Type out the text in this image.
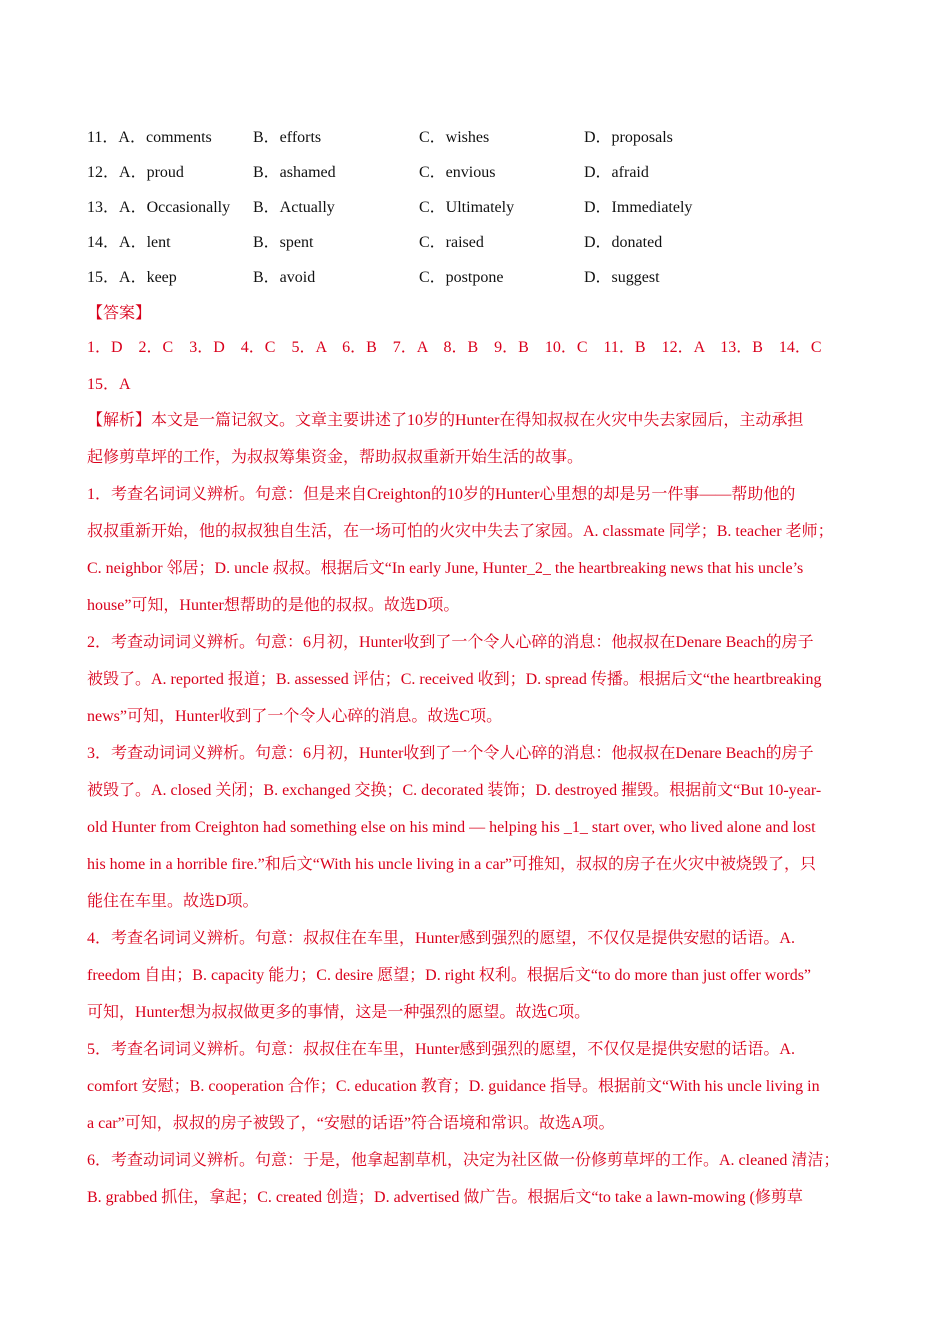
11．A．comments	B．efforts	C．wishes	D．proposals
12．A．proud	B．ashamed	C．envious	D．afraid
13．A．Occasionally B．Actually	C．Ultimately	D．Immediately
14．A．lent	B．spent	C．raised	D．donated
15．A．keep	B．avoid	C．postpone	D．suggest
【答案】
1．D　2．C　3．D　4．C　5．A　6．B　7．A　8．B　9．B　10．C　11．B　12．A　13．B　14．C
15．A
【解析】本文是一篇记叙文。文章主要讲述了10岁的Hunter在得知叔叔在火灾中失去家园后，主动承担
起修剪草坪的工作，为叔叔筹集资金，帮助叔叔重新开始生活的故事。
1．考查名词词义辨析。句意：但是来自Creighton的10岁的Hunter心里想的却是另一件事——帮助他的
叔叔重新开始，他的叔叔独自生活，在一场可怕的火灾中失去了家园。A. classmate 同学；B. teacher 老师；
C. neighbor 邻居；D. uncle 叔叔。根据后文“In early June, Hunter_2_ the heartbreaking news that his uncle’s
house”可知，Hunter想帮助的是他的叔叔。故选D项。
2．考查动词词义辨析。句意：6月初，Hunter收到了一个令人心碎的消息：他叔叔在Denare Beach的房子
被毁了。A. reported 报道；B. assessed 评估；C. received 收到；D. spread 传播。根据后文“the heartbreaking
news”可知，Hunter收到了一个令人心碎的消息。故选C项。
3．考查动词词义辨析。句意：6月初，Hunter收到了一个令人心碎的消息：他叔叔在Denare Beach的房子
被毁了。A. closed 关闭；B. exchanged 交换；C. decorated 装饰；D. destroyed 摧毁。根据前文“But 10-year-
old Hunter from Creighton had something else on his mind — helping his _1_ start over, who lived alone and lost
his home in a horrible fire.”和后文“With his uncle living in a car”可推知，叔叔的房子在火灾中被烧毁了，只
能住在车里。故选D项。
4．考查名词词义辨析。句意：叔叔住在车里，Hunter感到强烈的愿望，不仅仅是提供安慰的话语。A.
freedom 自由；B. capacity 能力；C. desire 愿望；D. right 权利。根据后文“to do more than just offer words”
可知，Hunter想为叔叔做更多的事情，这是一种强烈的愿望。故选C项。
5．考查名词词义辨析。句意：叔叔住在车里，Hunter感到强烈的愿望，不仅仅是提供安慰的话语。A.
comfort 安慰；B. cooperation 合作；C. education 教育；D. guidance 指导。根据前文“With his uncle living in
a car”可知，叔叔的房子被毁了，“安慰的话语”符合语境和常识。故选A项。
6．考查动词词义辨析。句意：于是，他拿起割草机，决定为社区做一份修剪草坪的工作。A. cleaned 清洁；
B. grabbed 抓住，拿起；C. created 创造；D. advertised 做广告。根据后文“to take a lawn-mowing (修剪草
